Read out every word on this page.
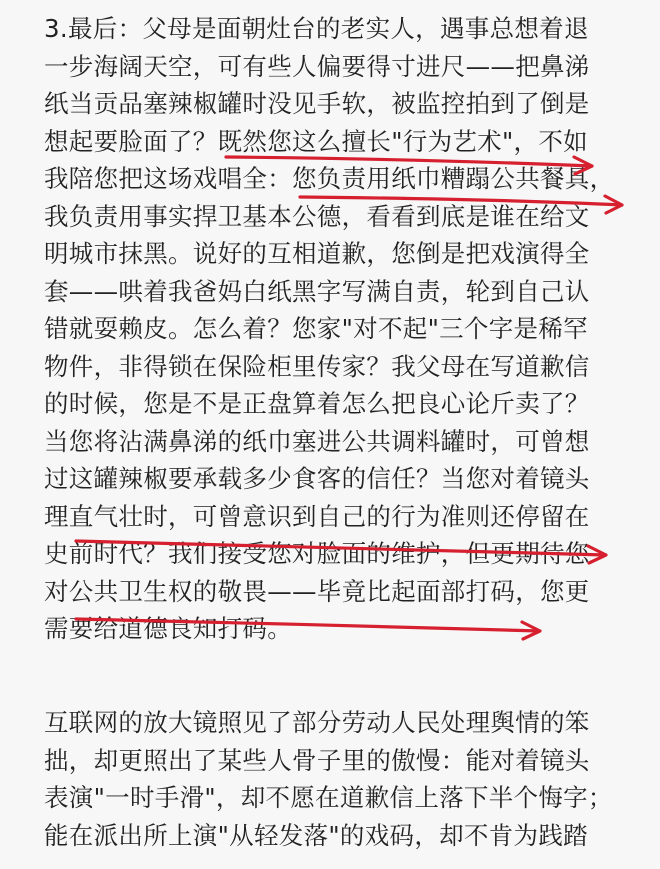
3.最后：父母是面朝灶台的老实人，遇事总想着退
一步海阔天空，可有些人偏要得寸进尺——把鼻涕
纸当贡品塞辣椒罐时没见手软，被监控拍到了倒是
想起要脸面了？既然您这么擅长"行为艺术"，不如
我陪您把这场戏唱全：您负责用纸巾糟蹋公共餐具，
我负责用事实捍卫基本公德，看看到底是谁在给文
明城市抹黑。说好的互相道歉，您倒是把戏演得全
套——哄着我爸妈白纸黑字写满自责，轮到自己认
错就耍赖皮。怎么着？您家"对不起"三个字是稀罕
物件，非得锁在保险柜里传家？我父母在写道歉信
的时候，您是不是正盘算着怎么把良心论斤卖了？
当您将沾满鼻涕的纸巾塞进公共调料罐时，可曾想
过这罐辣椒要承载多少食客的信任？当您对着镜头
理直气壮时，可曾意识到自己的行为准则还停留在
史前时代？我们接受您对脸面的维护，但更期待您
对公共卫生权的敬畏——毕竟比起面部打码，您更
需要给道德良知打码。
互联网的放大镜照见了部分劳动人民处理舆情的笨
拙，却更照出了某些人骨子里的傲慢：能对着镜头
表演"一时手滑"，却不愿在道歉信上落下半个悔字；
能在派出所上演"从轻发落"的戏码，却不肯为践踏
